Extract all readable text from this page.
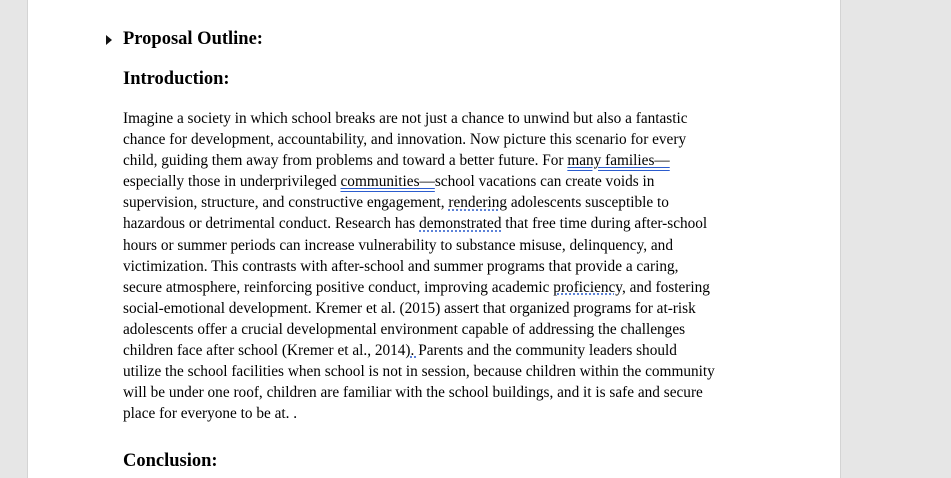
Proposal Outline:
Introduction:
Imagine a society in which school breaks are not just a chance to unwind but also a fantastic
chance for development, accountability, and innovation. Now picture this scenario for every
child, guiding them away from problems and toward a better future. For many families—
especially those in underprivileged communities—school vacations can create voids in
supervision, structure, and constructive engagement, rendering adolescents susceptible to
hazardous or detrimental conduct. Research has demonstrated that free time during after-school
hours or summer periods can increase vulnerability to substance misuse, delinquency, and
victimization. This contrasts with after-school and summer programs that provide a caring,
secure atmosphere, reinforcing positive conduct, improving academic proficiency, and fostering
social-emotional development. Kremer et al. (2015) assert that organized programs for at-risk
adolescents offer a crucial developmental environment capable of addressing the challenges
children face after school (Kremer et al., 2014). Parents and the community leaders should
utilize the school facilities when school is not in session, because children within the community
will be under one roof, children are familiar with the school buildings, and it is safe and secure
place for everyone to be at. .
Conclusion:
